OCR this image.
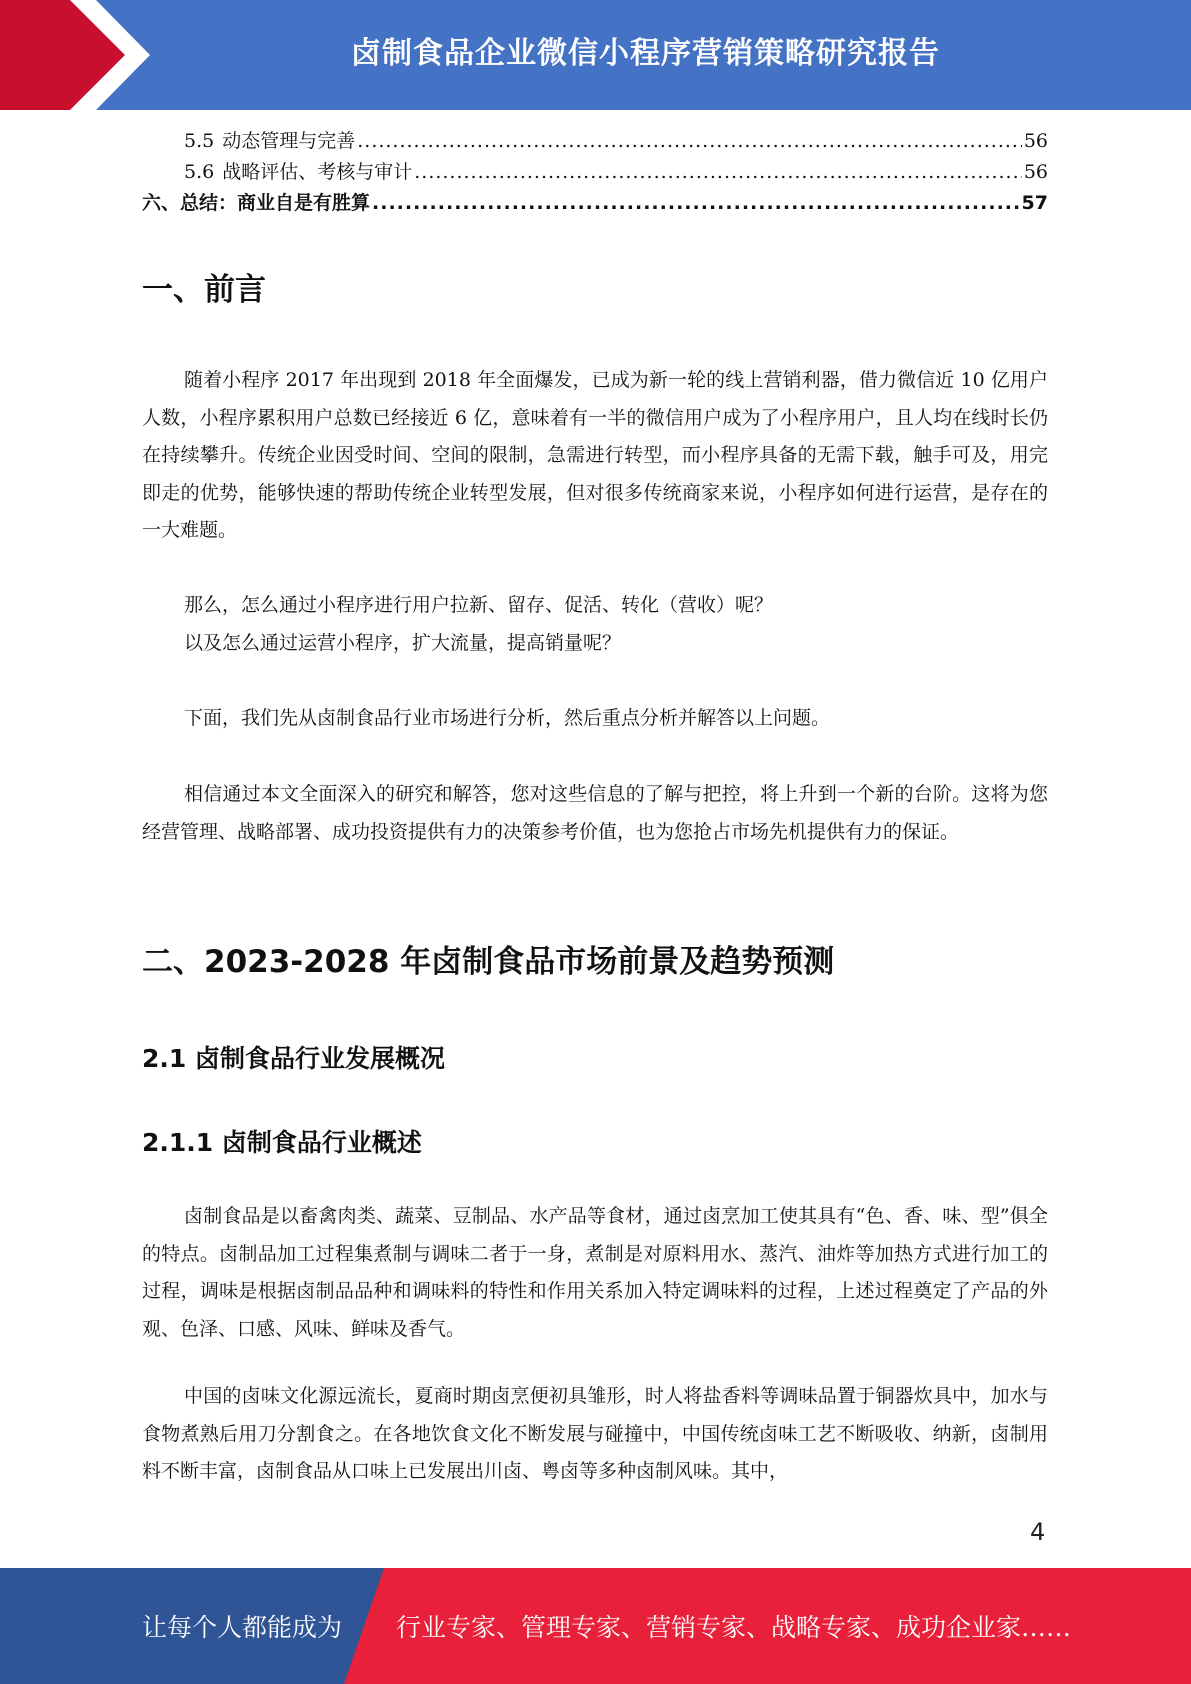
卤制食品企业微信小程序营销策略研究报告
5.5 动态管理与完善 .....	56
5.6 战略评估、考核与审计 .....	56
六、总结：商业自是有胜算 .....	57
一、前言

随着小程序 2017 年出现到 2018 年全面爆发，已成为新一轮的线上营销利器，借力微信近 10 亿用户人数，小程序累积用户总数已经接近 6 亿，意味着有一半的微信用户成为了小程序用户，且人均在线时长仍在持续攀升。传统企业因受时间、空间的限制，急需进行转型，而小程序具备的无需下载，触手可及，用完即走的优势，能够快速的帮助传统企业转型发展，但对很多传统商家来说，小程序如何进行运营，是存在的一大难题。

那么，怎么通过小程序进行用户拉新、留存、促活、转化（营收）呢？

以及怎么通过运营小程序，扩大流量，提高销量呢？

下面，我们先从卤制食品行业市场进行分析，然后重点分析并解答以上问题。

相信通过本文全面深入的研究和解答，您对这些信息的了解与把控，将上升到一个新的台阶。这将为您经营管理、战略部署、成功投资提供有力的决策参考价值，也为您抢占市场先机提供有力的保证。

二、2023-2028 年卤制食品市场前景及趋势预测
2.1 卤制食品行业发展概况
2.1.1 卤制食品行业概述

卤制食品是以畜禽肉类、蔬菜、豆制品、水产品等食材，通过卤烹加工使其具有“色、香、味、型”俱全的特点。卤制品加工过程集煮制与调味二者于一身，煮制是对原料用水、蒸汽、油炸等加热方式进行加工的过程，调味是根据卤制品品种和调味料的特性和作用关系加入特定调味料的过程，上述过程奠定了产品的外观、色泽、口感、风味、鲜味及香气。

中国的卤味文化源远流长，夏商时期卤烹便初具雏形，时人将盐香料等调味品置于铜器炊具中，加水与食物煮熟后用刀分割食之。在各地饮食文化不断发展与碰撞中，中国传统卤味工艺不断吸收、纳新，卤制用料不断丰富，卤制食品从口味上已发展出川卤、粤卤等多种卤制风味。其中，

4
让每个人都能成为 行业专家、管理专家、营销专家、战略专家、成功企业家……
